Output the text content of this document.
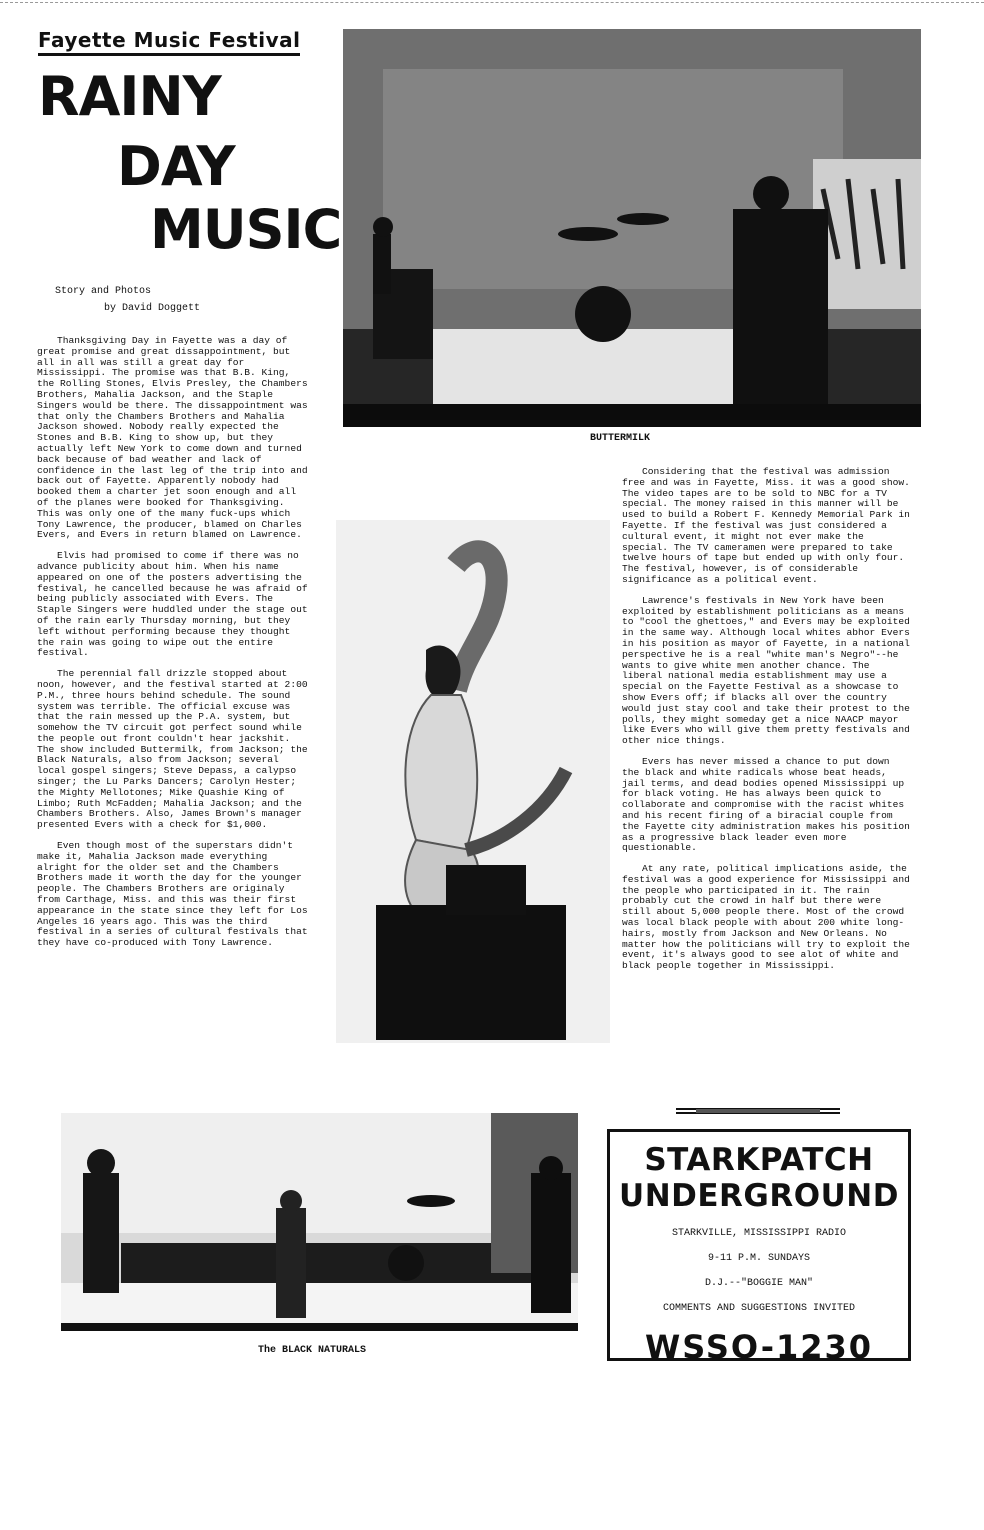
Fayette Music Festival
RAINY
DAY
MUSIC
Story and Photos
by David Doggett
BUTTERMILK
The BLACK NATURALS

Thanksgiving Day in Fayette was a day of great promise and great dissappointment, but all in all was still a great day for Mississippi. The promise was that B.B. King, the Rolling Stones, Elvis Presley, the Chambers Brothers, Mahalia Jackson, and the Staple Singers would be there. The dissappointment was that only the Chambers Brothers and Mahalia Jackson showed. Nobody really expected the Stones and B.B. King to show up, but they actually left New York to come down and turned back because of bad weather and lack of confidence in the last leg of the trip into and back out of Fayette. Apparently nobody had booked them a charter jet soon enough and all of the planes were booked for Thanksgiving. This was only one of the many fuck-ups which Tony Lawrence, the producer, blamed on Charles Evers, and Evers in return blamed on Lawrence.

Elvis had promised to come if there was no advance publicity about him. When his name appeared on one of the posters advertising the festival, he cancelled because he was afraid of being publicly associated with Evers. The Staple Singers were huddled under the stage out of the rain early Thursday morning, but they left without performing because they thought the rain was going to wipe out the entire festival.

The perennial fall drizzle stopped about noon, however, and the festival started at 2:00 P.M., three hours behind schedule. The sound system was terrible. The official excuse was that the rain messed up the P.A. system, but somehow the TV circuit got perfect sound while the people out front couldn't hear jackshit. The show included Buttermilk, from Jackson; the Black Naturals, also from Jackson; several local gospel singers; Steve Depass, a calypso singer; the Lu Parks Dancers; Carolyn Hester; the Mighty Mellotones; Mike Quashie King of Limbo; Ruth McFadden; Mahalia Jackson; and the Chambers Brothers. Also, James Brown's manager presented Evers with a check for $1,000.

Even though most of the superstars didn't make it, Mahalia Jackson made everything alright for the older set and the Chambers Brothers made it worth the day for the younger people. The Chambers Brothers are originaly from Carthage, Miss. and this was their first appearance in the state since they left for Los Angeles 16 years ago. This was the third festival in a series of cultural festivals that they have co-produced with Tony Lawrence.

Considering that the festival was admission free and was in Fayette, Miss. it was a good show. The video tapes are to be sold to NBC for a TV special. The money raised in this manner will be used to build a Robert F. Kennedy Memorial Park in Fayette. If the festival was just considered a cultural event, it might not ever make the special. The TV cameramen were prepared to take twelve hours of tape but ended up with only four. The festival, however, is of considerable significance as a political event.

Lawrence's festivals in New York have been exploited by establishment politicians as a means to "cool the ghettoes," and Evers may be exploited in the same way. Although local whites abhor Evers in his position as mayor of Fayette, in a national perspective he is a real "white man's Negro"--he wants to give white men another chance. The liberal national media establishment may use a special on the Fayette Festival as a showcase to show Evers off; if blacks all over the country would just stay cool and take their protest to the polls, they might someday get a nice NAACP mayor like Evers who will give them pretty festivals and other nice things.

Evers has never missed a chance to put down the black and white radicals whose beat heads, jail terms, and dead bodies opened Mississippi up for black voting. He has always been quick to collaborate and compromise with the racist whites and his recent firing of a biracial couple from the Fayette city administration makes his position as a progressive black leader even more questionable.

At any rate, political implications aside, the festival was a good experience for Mississippi and the people who participated in it. The rain probably cut the crowd in half but there were still about 5,000 people there. Most of the crowd was local black people with about 200 white long-hairs, mostly from Jackson and New Orleans. No matter how the politicians will try to exploit the event, it's always good to see alot of white and black people together in Mississippi.

STARKPATCH
UNDERGROUND
STARKVILLE, MISSISSIPPI RADIO
9-11 P.M. SUNDAYS
D.J.--"BOGGIE MAN"
COMMENTS AND SUGGESTIONS INVITED
WSSO-1230
